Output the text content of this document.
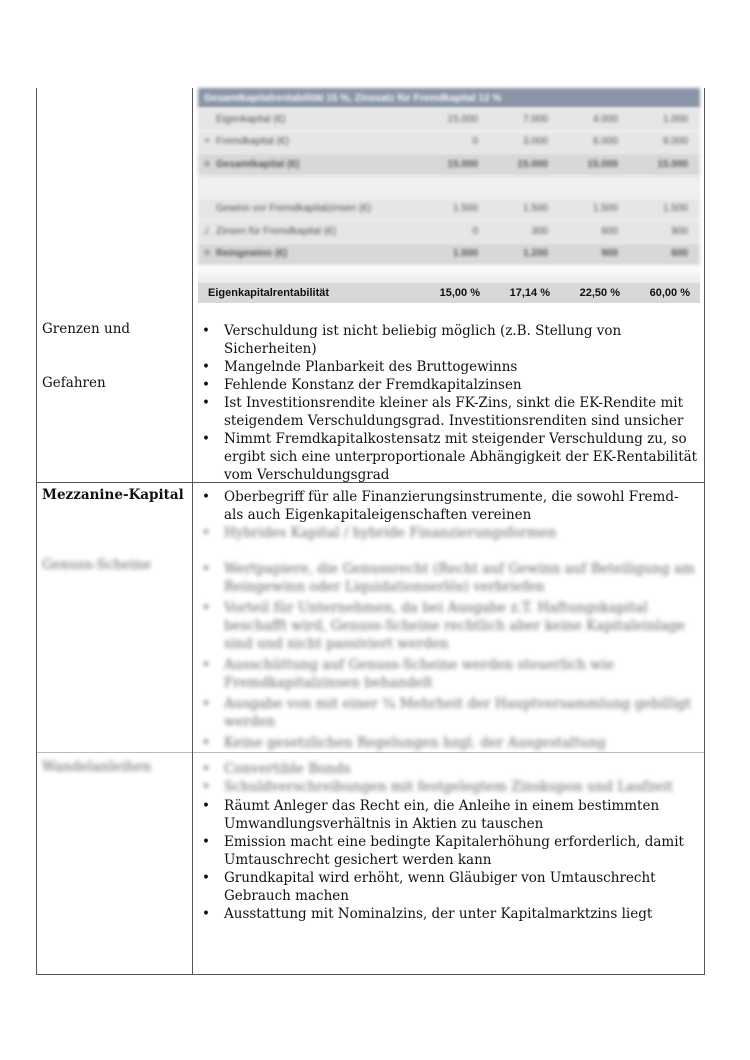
Gesamtkapitalrentabilität 15 %, Zinssatz für Fremdkapital 12 %
Eigenkapital (€)	15.000	7.000	4.000	1.000
+ Fremdkapital (€)	0	3.000	6.000	9.000
= Gesamtkapital (€)	15.000	15.000	15.000	15.000
Gewinn vor Fremdkapitalzinsen (€)	1.500	1.500	1.500	1.500
./. Zinsen für Fremdkapital (€)	0	300	600	900
= Reingewinn (€)	1.500	1.200	900	600
Eigenkapitalrentabilität	15,00 %	17,14 %	22,50 %	60,00 %
Grenzen und
Gefahren
• Verschuldung ist nicht beliebig möglich (z.B. Stellung von Sicherheiten)
• Mangelnde Planbarkeit des Bruttogewinns
• Fehlende Konstanz der Fremdkapitalzinsen
• Ist Investitionsrendite kleiner als FK-Zins, sinkt die EK-Rendite mit steigendem Verschuldungsgrad. Investitionsrenditen sind unsicher
• Nimmt Fremdkapitalkostensatz mit steigender Verschuldung zu, so ergibt sich eine unterproportionale Abhängigkeit der EK-Rentabilität vom Verschuldungsgrad
Mezzanine-Kapital	• Oberbegriff für alle Finanzierungsinstrumente, die sowohl Fremd- als auch Eigenkapitaleigenschaften vereinen
• Hybrides Kapital / hybride Finanzierungsformen
Genuss-Scheine	• Wertpapiere, die Genussrecht (Recht auf Gewinn auf Beteiligung am Reingewinn oder Liquidationserlös) verbriefen
• Vorteil für Unternehmen, da bei Ausgabe z.T. Haftungskapital beschafft wird, Genuss-Scheine rechtlich aber keine Kapitaleinlage sind und nicht passiviert werden
• Ausschüttung auf Genuss-Scheine werden steuerlich wie Fremdkapitalzinsen behandelt
• Ausgabe von mit einer ¾ Mehrheit der Hauptversammlung gebilligt werden
• Keine gesetzlichen Regelungen bzgl. der Ausgestaltung
Wandelanleihen	• Convertible Bonds
• Schuldverschreibungen mit festgelegtem Zinskupon und Laufzeit
• Räumt Anleger das Recht ein, die Anleihe in einem bestimmten Umwandlungsverhältnis in Aktien zu tauschen
• Emission macht eine bedingte Kapitalerhöhung erforderlich, damit Umtauschrecht gesichert werden kann
• Grundkapital wird erhöht, wenn Gläubiger von Umtauschrecht Gebrauch machen
• Ausstattung mit Nominalzins, der unter Kapitalmarktzins liegt
